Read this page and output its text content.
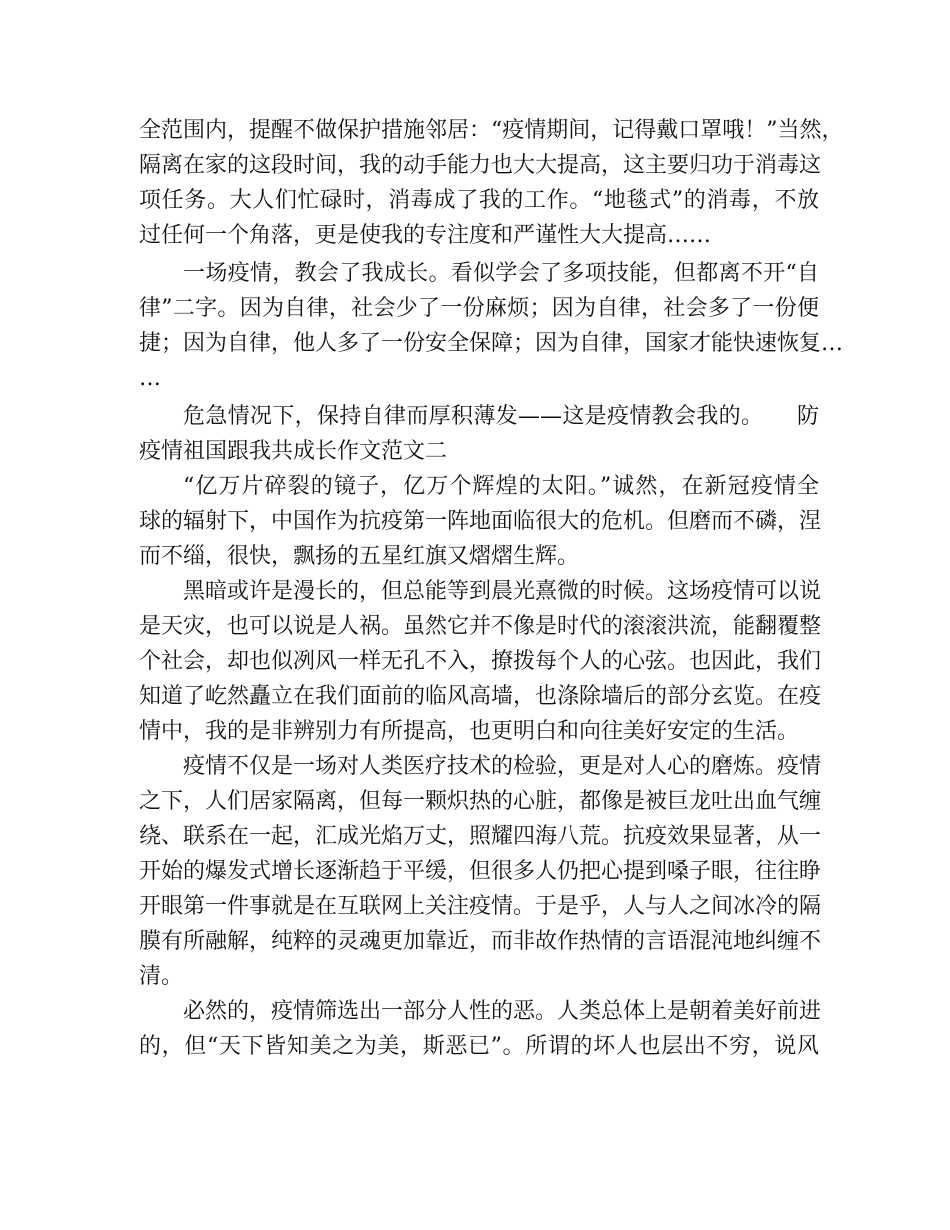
全范围内，提醒不做保护措施邻居：“疫情期间，记得戴口罩哦！”当然，
隔离在家的这段时间，我的动手能力也大大提高，这主要归功于消毒这
项任务。大人们忙碌时，消毒成了我的工作。“地毯式”的消毒，不放
过任何一个角落，更是使我的专注度和严谨性大大提高……
一场疫情，教会了我成长。看似学会了多项技能，但都离不开“自
律”二字。因为自律，社会少了一份麻烦；因为自律，社会多了一份便
捷；因为自律，他人多了一份安全保障；因为自律，国家才能快速恢复…
…
危急情况下，保持自律而厚积薄发——这是疫情教会我的。　　防
疫情祖国跟我共成长作文范文二
“亿万片碎裂的镜子，亿万个辉煌的太阳。”诚然，在新冠疫情全
球的辐射下，中国作为抗疫第一阵地面临很大的危机。但磨而不磷，涅
而不缁，很快，飘扬的五星红旗又熠熠生辉。
黑暗或许是漫长的，但总能等到晨光熹微的时候。这场疫情可以说
是天灾，也可以说是人祸。虽然它并不像是时代的滚滚洪流，能翻覆整
个社会，却也似冽风一样无孔不入，撩拨每个人的心弦。也因此，我们
知道了屹然矗立在我们面前的临风高墙，也涤除墙后的部分玄览。在疫
情中，我的是非辨别力有所提高，也更明白和向往美好安定的生活。
疫情不仅是一场对人类医疗技术的检验，更是对人心的磨炼。疫情
之下，人们居家隔离，但每一颗炽热的心脏，都像是被巨龙吐出血气缠
绕、联系在一起，汇成光焰万丈，照耀四海八荒。抗疫效果显著，从一
开始的爆发式增长逐渐趋于平缓，但很多人仍把心提到嗓子眼，往往睁
开眼第一件事就是在互联网上关注疫情。于是乎，人与人之间冰冷的隔
膜有所融解，纯粹的灵魂更加靠近，而非故作热情的言语混沌地纠缠不
清。
必然的，疫情筛选出一部分人性的恶。人类总体上是朝着美好前进
的，但“天下皆知美之为美，斯恶已”。所谓的坏人也层出不穷，说风
